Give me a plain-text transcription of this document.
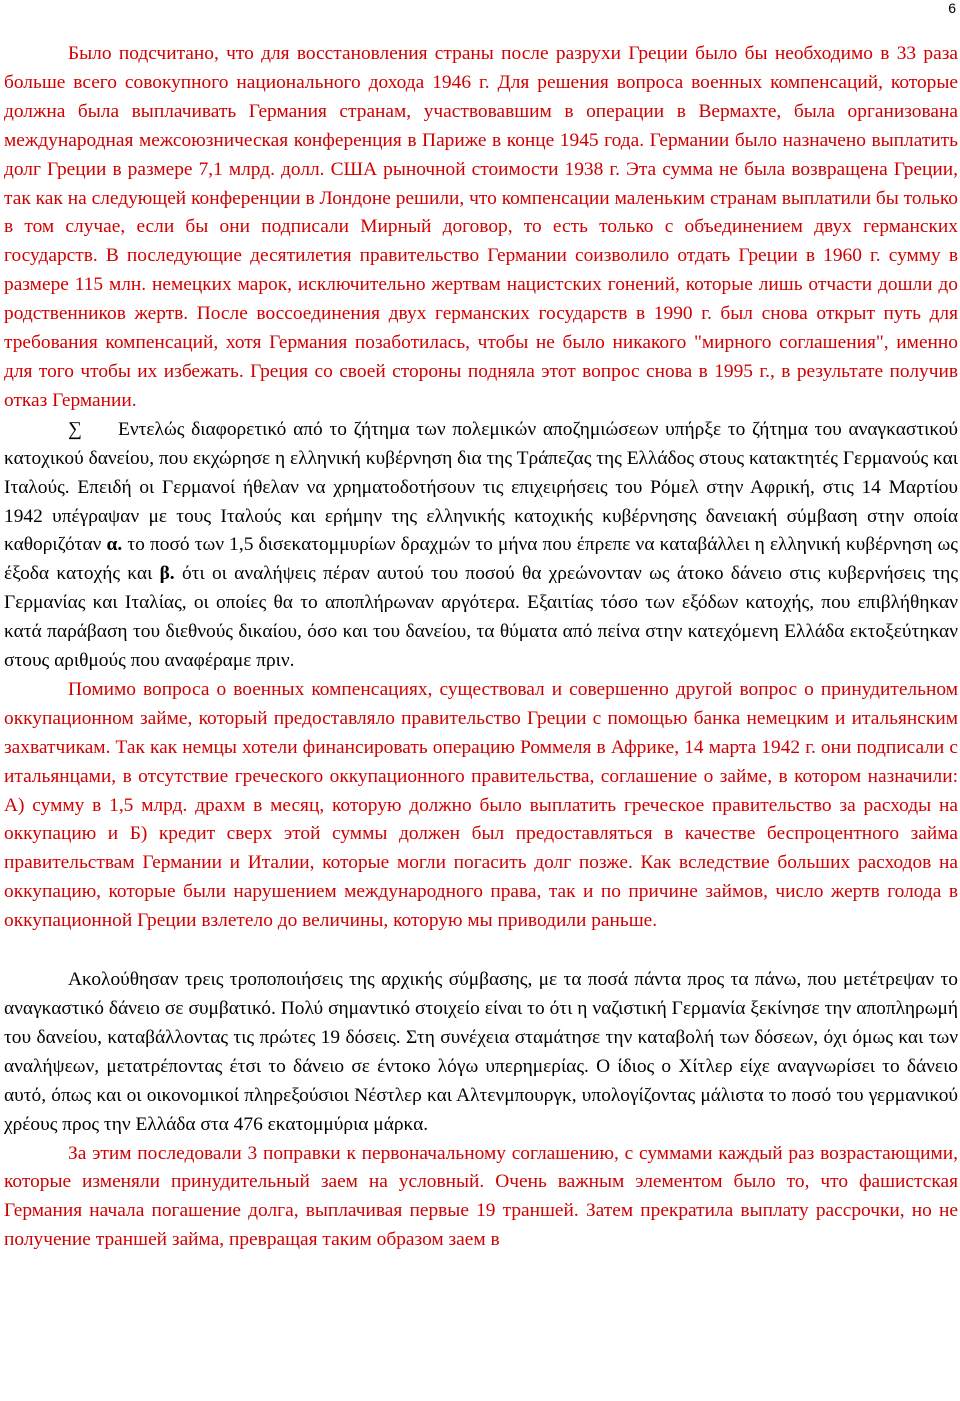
6

Было подсчитано, что для восстановления страны после разрухи Греции было бы необходимо в 33 раза больше всего совокупного национального дохода 1946 г. Для решения вопроса военных компенсаций, которые должна была выплачивать Германия странам, участвовавшим в операции в Вермахте, была организована международная межсоюзническая конференция в Париже в конце 1945 года. Германии было назначено выплатить долг Греции в размере 7,1 млрд. долл. США рыночной стоимости 1938 г. Эта сумма не была возвращена Греции, так как на следующей конференции в Лондоне решили, что компенсации маленьким странам выплатили бы только в том случае, если бы они подписали Мирный договор, то есть только с объединением двух германских государств. В последующие десятилетия правительство Германии соизволило отдать Греции в 1960 г. сумму в размере 115 млн. немецких марок, исключительно жертвам нацистских гонений, которые лишь отчасти дошли до родственников жертв. После воссоединения двух германских государств в 1990 г. был снова открыт путь для требования компенсаций, хотя Германия позаботилась, чтобы не было никакого "мирного соглашения", именно для того чтобы их избежать. Греция со своей стороны подняла этот вопрос снова в 1995 г., в результате получив отказ Германии.

∑ Εντελώς διαφορετικό από το ζήτημα των πολεμικών αποζημιώσεων υπήρξε το ζήτημα του αναγκαστικού κατοχικού δανείου, που εκχώρησε η ελληνική κυβέρνηση δια της Τράπεζας της Ελλάδος στους κατακτητές Γερμανούς και Ιταλούς. Επειδή οι Γερμανοί ήθελαν να χρηματοδοτήσουν τις επιχειρήσεις του Ρόμελ στην Αφρική, στις 14 Μαρτίου 1942 υπέγραψαν με τους Ιταλούς και ερήμην της ελληνικής κατοχικής κυβέρνησης δανειακή σύμβαση στην οποία καθοριζόταν α. το ποσό των 1,5 δισεκατομμυρίων δραχμών το μήνα που έπρεπε να καταβάλλει η ελληνική κυβέρνηση ως έξοδα κατοχής και β. ότι οι αναλήψεις πέραν αυτού του ποσού θα χρεώνονταν ως άτοκο δάνειο στις κυβερνήσεις της Γερμανίας και Ιταλίας, οι οποίες θα το αποπλήρωναν αργότερα. Εξαιτίας τόσο των εξόδων κατοχής, που επιβλήθηκαν κατά παράβαση του διεθνούς δικαίου, όσο και του δανείου, τα θύματα από πείνα στην κατεχόμενη Ελλάδα εκτοξεύτηκαν στους αριθμούς που αναφέραμε πριν.

Помимо вопроса о военных компенсациях, существовал и совершенно другой вопрос о принудительном оккупационном займе, который предоставляло правительство Греции с помощью банка немецким и итальянским захватчикам. Так как немцы хотели финансировать операцию Роммеля в Африке, 14 марта 1942 г. они подписали с итальянцами, в отсутствие греческого оккупационного правительства, соглашение о займе, в котором назначили: А) сумму в 1,5 млрд. драхм в месяц, которую должно было выплатить греческое правительство за расходы на оккупацию и Б) кредит сверх этой суммы должен был предоставляться в качестве беспроцентного займа правительствам Германии и Италии, которые могли погасить долг позже. Как вследствие больших расходов на оккупацию, которые были нарушением международного права, так и по причине займов, число жертв голода в оккупационной Греции взлетело до величины, которую мы приводили раньше.

Ακολούθησαν τρεις τροποποιήσεις της αρχικής σύμβασης, με τα ποσά πάντα προς τα πάνω, που μετέτρεψαν το αναγκαστικό δάνειο σε συμβατικό. Πολύ σημαντικό στοιχείο είναι το ότι η ναζιστική Γερμανία ξεκίνησε την αποπληρωμή του δανείου, καταβάλλοντας τις πρώτες 19 δόσεις. Στη συνέχεια σταμάτησε την καταβολή των δόσεων, όχι όμως και των αναλήψεων, μετατρέποντας έτσι το δάνειο σε έντοκο λόγω υπερημερίας. Ο ίδιος ο Χίτλερ είχε αναγνωρίσει το δάνειο αυτό, όπως και οι οικονομικοί πληρεξούσιοι Νέστλερ και Αλτενμπουργκ, υπολογίζοντας μάλιστα το ποσό του γερμανικού χρέους προς την Ελλάδα στα 476 εκατομμύρια μάρκα.

За этим последовали 3 поправки к первоначальному соглашению, с суммами каждый раз возрастающими, которые изменяли принудительный заем на условный. Очень важным элементом было то, что фашистская Германия начала погашение долга, выплачивая первые 19 траншей. Затем прекратила выплату рассрочки, но не получение траншей займа, превращая таким образом заем в
